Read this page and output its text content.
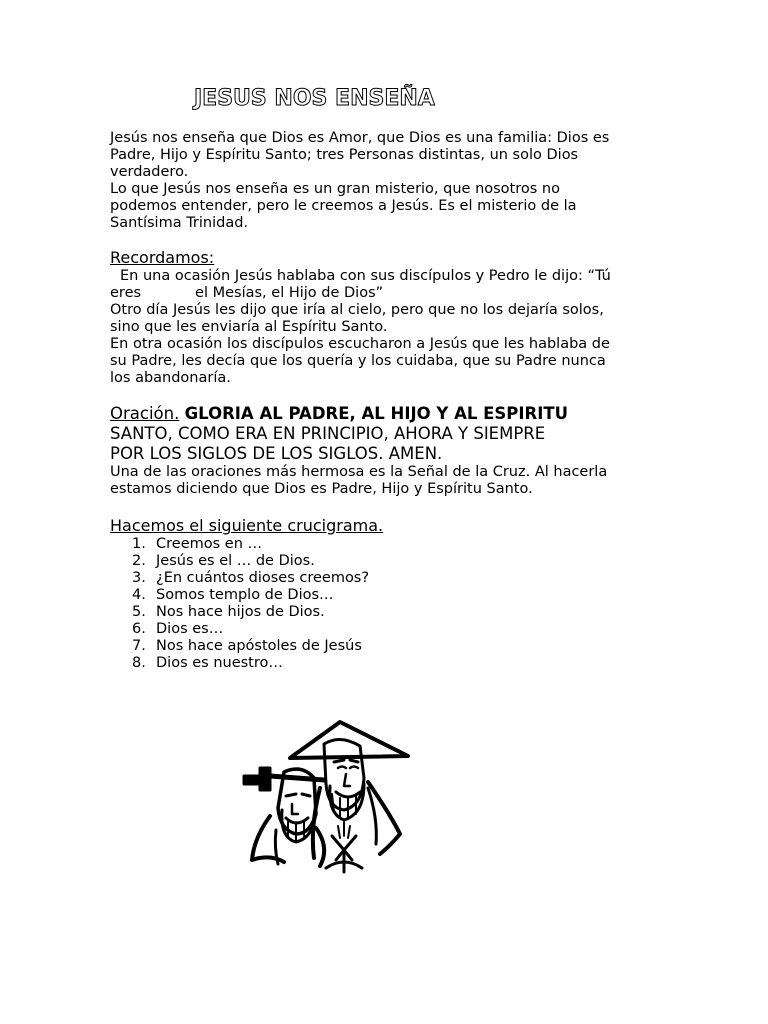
JESUS NOS ENSEÑA

Jesús nos enseña que Dios es Amor, que Dios es una familia: Dios es

Padre, Hijo y Espíritu Santo; tres Personas distintas, un solo Dios

verdadero.

Lo que Jesús nos enseña es un gran misterio, que nosotros no

podemos entender, pero le creemos a Jesús. Es el misterio de la

Santísima Trinidad.

Recordamos:

En una ocasión Jesús hablaba con sus discípulos y Pedro le dijo: “Tú

eres	el Mesías, el Hijo de Dios”

Otro día Jesús les dijo que iría al cielo, pero que no los dejaría solos,

sino que les enviaría al Espíritu Santo.

En otra ocasión los discípulos escucharon a Jesús que les hablaba de

su Padre, les decía que los quería y los cuidaba, que su Padre nunca

los abandonaría.

Oración. GLORIA AL PADRE, AL HIJO Y AL ESPIRITU

SANTO, COMO ERA EN PRINCIPIO, AHORA Y SIEMPRE

POR LOS SIGLOS DE LOS SIGLOS. AMEN.

Una de las oraciones más hermosa es la Señal de la Cruz. Al hacerla

estamos diciendo que Dios es Padre, Hijo y Espíritu Santo.

Hacemos el siguiente crucigrama.

1. Creemos en …
2. Jesús es el … de Dios.
3. ¿En cuántos dioses creemos?
4. Somos templo de Dios…
5. Nos hace hijos de Dios.
6. Dios es…
7. Nos hace apóstoles de Jesús
8. Dios es nuestro…
